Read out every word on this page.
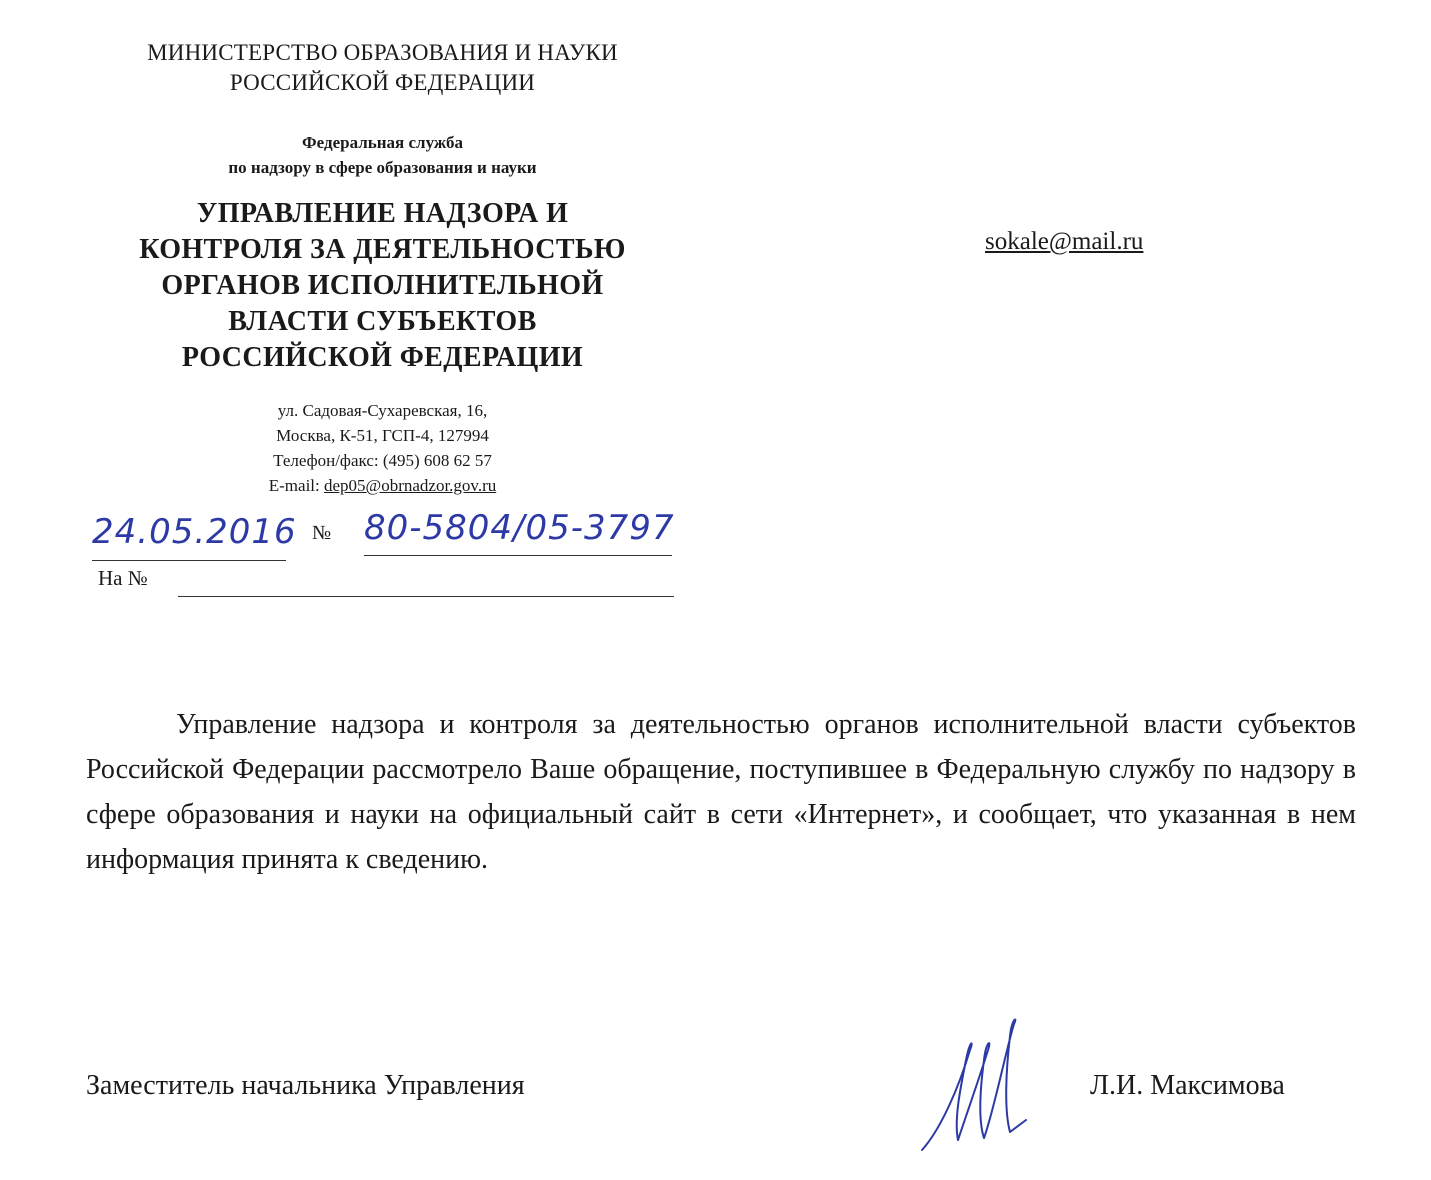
МИНИСТЕРСТВО ОБРАЗОВАНИЯ И НАУКИ
РОССИЙСКОЙ ФЕДЕРАЦИИ
Федеральная служба
по надзору в сфере образования и науки
УПРАВЛЕНИЕ НАДЗОРА И
КОНТРОЛЯ ЗА ДЕЯТЕЛЬНОСТЬЮ
ОРГАНОВ ИСПОЛНИТЕЛЬНОЙ
ВЛАСТИ СУБЪЕКТОВ
РОССИЙСКОЙ ФЕДЕРАЦИИ
ул. Садовая-Сухаревская, 16,
Москва, К-51, ГСП-4, 127994
Телефон/факс: (495) 608 62 57
E-mail: dep05@obrnadzor.gov.ru
sokale@mail.ru
24.05.2016 № 80-5804/05-3797
На №
Управление надзора и контроля за деятельностью органов исполнительной власти субъектов Российской Федерации рассмотрело Ваше обращение, поступившее в Федеральную службу по надзору в сфере образования и науки на официальный сайт в сети «Интернет», и сообщает, что указанная в нем информация принята к сведению.
Заместитель начальника Управления	Л.И. Максимова
